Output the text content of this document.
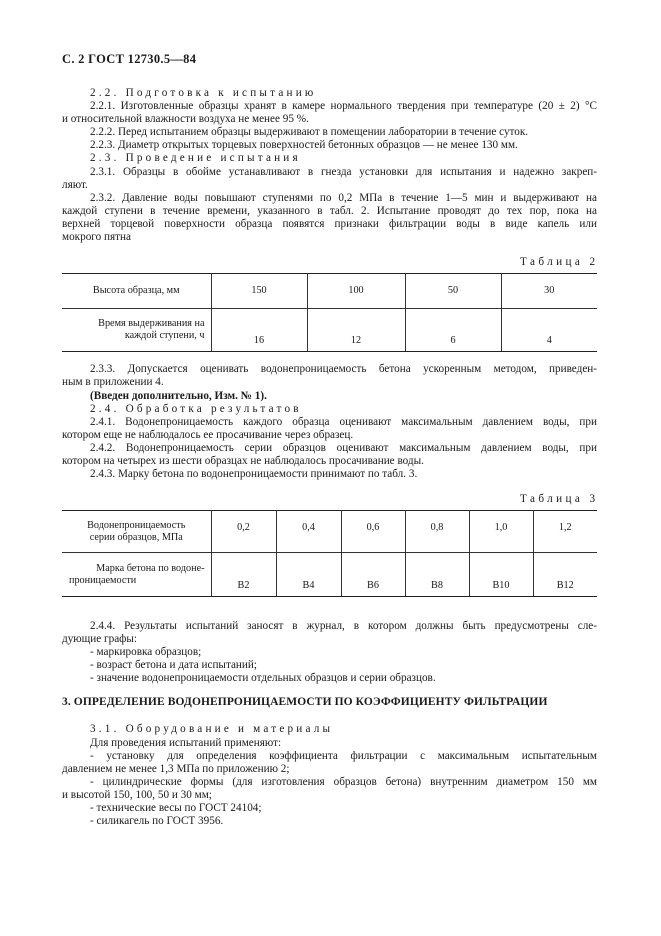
С. 2 ГОСТ 12730.5—84
2.2. Подготовка к испытанию
2.2.1. Изготовленные образцы хранят в камере нормального твердения при температуре (20 ± 2) °С
и относительной влажности воздуха не менее 95 %.
2.2.2. Перед испытанием образцы выдерживают в помещении лаборатории в течение суток.
2.2.3. Диаметр открытых торцевых поверхностей бетонных образцов — не менее 130 мм.
2.3. Проведение испытания
2.3.1. Образцы в обойме устанавливают в гнезда установки для испытания и надежно закреп-
ляют.
2.3.2. Давление воды повышают ступенями по 0,2 МПа в течение 1—5 мин и выдерживают на
каждой ступени в течение времени, указанного в табл. 2. Испытание проводят до тех пор, пока на
верхней торцевой поверхности образца появятся признаки фильтрации воды в виде капель или
мокрого пятна
Таблица 2
Высота образца, мм	150	100	50	30

Время выдерживания на
каждой ступени, ч	16	12	6	4
2.3.3. Допускается оценивать водонепроницаемость бетона ускоренным методом, приведен-
ным в приложении 4.
(Введен дополнительно, Изм. № 1).
2.4. Обработка результатов
2.4.1. Водонепроницаемость каждого образца оценивают максимальным давлением воды, при
котором еще не наблюдалось ее просачивание через образец.
2.4.2. Водонепроницаемость серии образцов оценивают максимальным давлением воды, при
котором на четырех из шести образцах не наблюдалось просачивание воды.
2.4.3. Марку бетона по водонепроницаемости принимают по табл. 3.
Таблица 3
Водонепроницаемость
серии образцов, МПа	0,2	0,4	0,6	0,8	1,0	1,2

Марка бетона по водоне-
проницаемости	В2	В4	В6	В8	В10	В12
2.4.4. Результаты испытаний заносят в журнал, в котором должны быть предусмотрены сле-
дующие графы:
- маркировка образцов;
- возраст бетона и дата испытаний;
- значение водонепроницаемости отдельных образцов и серии образцов.
3. ОПРЕДЕЛЕНИЕ ВОДОНЕПРОНИЦАЕМОСТИ ПО КОЭФФИЦИЕНТУ ФИЛЬТРАЦИИ
3.1. Оборудование и материалы
Для проведения испытаний применяют:
- установку для определения коэффициента фильтрации с максимальным испытательным
давлением не менее 1,3 МПа по приложению 2;
- цилиндрические формы (для изготовления образцов бетона) внутренним диаметром 150 мм
и высотой 150, 100, 50 и 30 мм;
- технические весы по ГОСТ 24104;
- силикагель по ГОСТ 3956.
